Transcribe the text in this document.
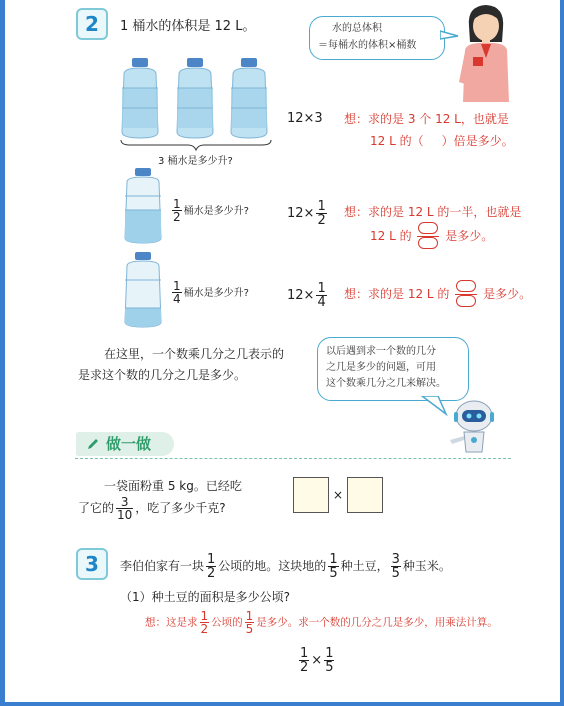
2	1 桶水的体积是 12 L。	水的总体积
＝每桶水的体积×桶数
3 桶水是多少升?
12×3 想：求的是 3 个 12 L，也就是
12 L 的（ ）倍是多少。
$\frac{1}{2}$ 桶水是多少升?	$12\times \frac{1}{2}$ 想：求的是 12 L 的一半，也就是
12 L 的	是多少。
$\frac{1}{4}$ 桶水是多少升?	$12\times \frac{1}{4}$ 想：求的是 12 L 的	是多少。
在这里，一个数乘几分之几表示的
是求这个数的几分之几是多少。
以后遇到求一个数的几分
之几是多少的问题，可用
这个数乘几分之几来解决。
做一做
一袋面粉重 5 kg。已经吃
了它的 $\frac{3}{10}$ ，吃了多少千克?
×
3	李伯伯家有一块 $\frac{1}{2}$ 公顷的地。这块地的 $\frac{1}{5}$ 种土豆， $\frac{3}{5}$ 种玉米。
（1）种土豆的面积是多少公顷?
想：这是求 $\frac{1}{2}$ 公顷的 $\frac{1}{5}$ 是多少。求一个数的几分之几是多少，用乘法计算。
$\frac{1}{2} \times \frac{1}{5}$
